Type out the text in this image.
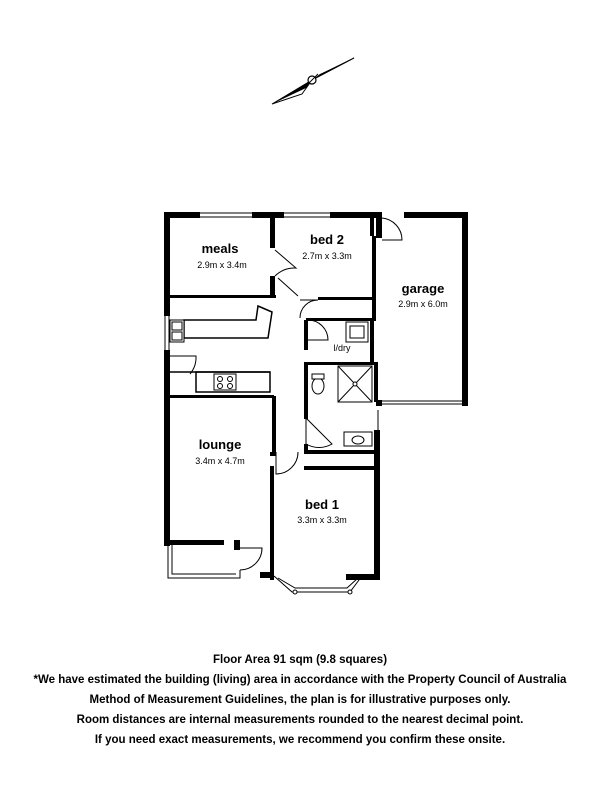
meals
2.9m x 3.4m
bed 2
2.7m x 3.3m
garage
2.9m x 6.0m
l/dry
lounge
3.4m x 4.7m
bed 1
3.3m x 3.3m
Floor Area 91 sqm (9.8 squares)
*We have estimated the building (living) area in accordance with the Property Council of Australia
Method of Measurement Guidelines, the plan is for illustrative purposes only.
Room distances are internal measurements rounded to the nearest decimal point.
If you need exact measurements, we recommend you confirm these onsite.
